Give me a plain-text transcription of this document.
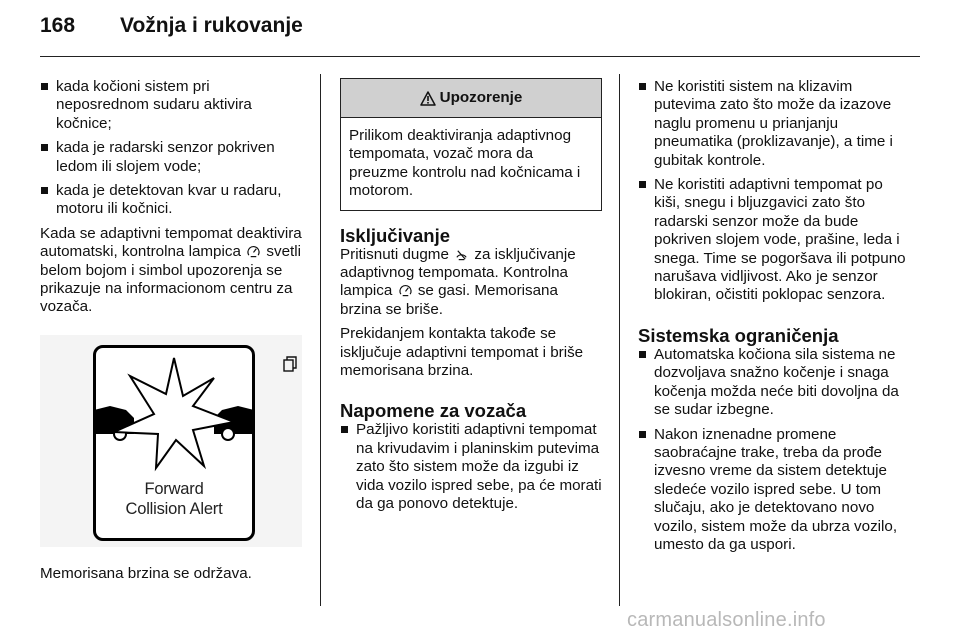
168 Vožnja i rukovanje
kada kočioni sistem pri neposrednom sudaru aktivira kočnice;
kada je radarski senzor pokriven ledom ili slojem vode;
kada je detektovan kvar u radaru, motoru ili kočnici.

Kada se adaptivni tempomat deaktivira automatski, kontrolna lampica svetli belom bojom i simbol upozorenja se prikazuje na informacionom centru za vozača.

Forward
Collision Alert

Memorisana brzina se održava.

Upozorenje
Prilikom deaktiviranja adaptivnog tempomata, vozač mora da preuzme kontrolu nad kočnicama i motorom.
Isključivanje

Pritisnuti dugme za isključivanje adaptivnog tempomata. Kontrolna lampica se gasi. Memorisana brzina se briše.

Prekidanjem kontakta takođe se isključuje adaptivni tempomat i briše memorisana brzina.

Napomene za vozača
Pažljivo koristiti adaptivni tempomat na krivudavim i planinskim putevima zato što sistem može da izgubi iz vida vozilo ispred sebe, pa će morati da ga ponovo detektuje.
Ne koristiti sistem na klizavim putevima zato što može da izazove naglu promenu u prianjanju pneumatika (proklizavanje), a time i gubitak kontrole.
Ne koristiti adaptivni tempomat po kiši, snegu i bljuzgavici zato što radarski senzor može da bude pokriven slojem vode, prašine, leda i snega. Time se pogoršava ili potpuno narušava vidljivost. Ako je senzor blokiran, očistiti poklopac senzora.
Sistemska ograničenja
Automatska kočiona sila sistema ne dozvoljava snažno kočenje i snaga kočenja možda neće biti dovoljna da se sudar izbegne.
Nakon iznenadne promene saobraćajne trake, treba da prođe izvesno vreme da sistem detektuje sledeće vozilo ispred sebe. U tom slučaju, ako je detektovano novo vozilo, sistem može da ubrza vozilo, umesto da ga uspori.
carmanualsonline.info
